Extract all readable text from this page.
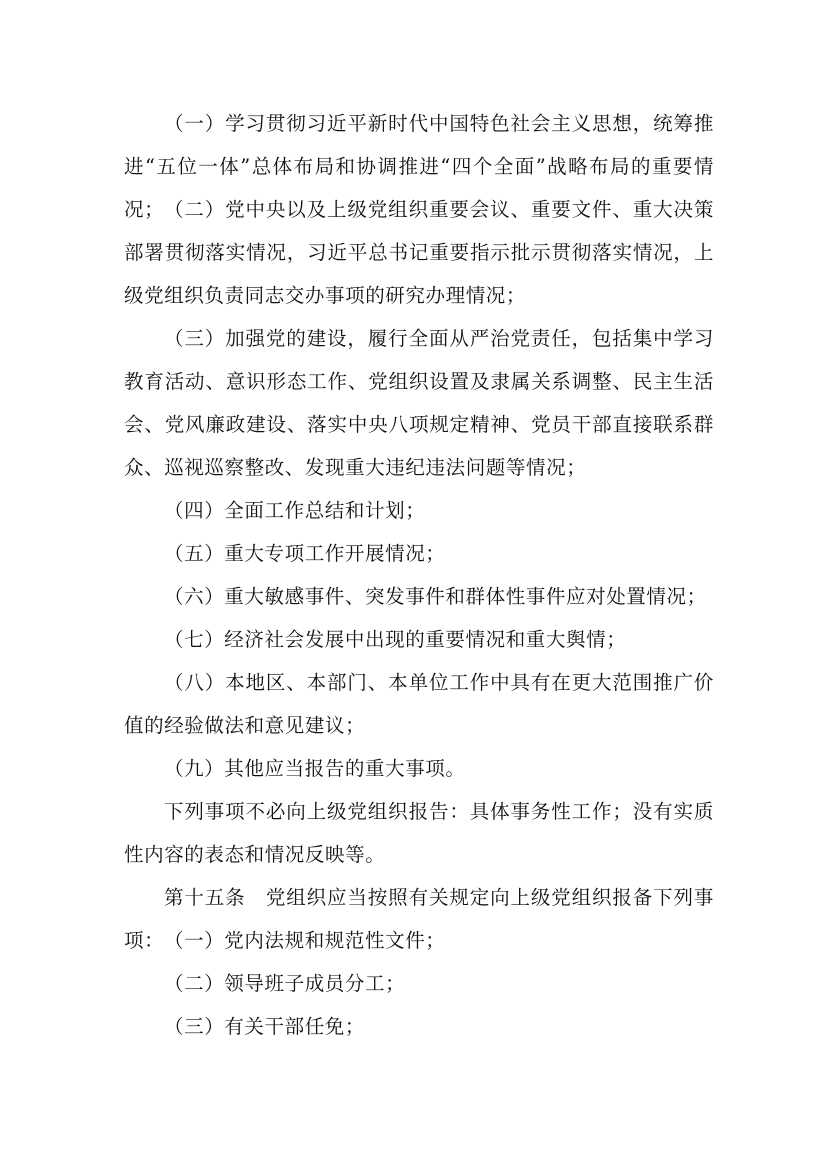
（一）学习贯彻习近平新时代中国特色社会主义思想，统筹推进“五位一体”总体布局和协调推进“四个全面”战略布局的重要情况； （二）党中央以及上级党组织重要会议、重要文件、重大决策部署贯彻落实情况，习近平总书记重要指示批示贯彻落实情况，上级党组织负责同志交办事项的研究办理情况；

（三）加强党的建设，履行全面从严治党责任，包括集中学习教育活动、意识形态工作、党组织设置及隶属关系调整、民主生活会、党风廉政建设、落实中央八项规定精神、党员干部直接联系群众、巡视巡察整改、发现重大违纪违法问题等情况；

（四）全面工作总结和计划；

（五）重大专项工作开展情况；

（六）重大敏感事件、突发事件和群体性事件应对处置情况；

（七）经济社会发展中出现的重要情况和重大舆情；

（八）本地区、本部门、本单位工作中具有在更大范围推广价值的经验做法和意见建议；

（九）其他应当报告的重大事项。

下列事项不必向上级党组织报告：具体事务性工作；没有实质性内容的表态和情况反映等。

第十五条　党组织应当按照有关规定向上级党组织报备下列事项： （一）党内法规和规范性文件；

（二）领导班子成员分工；

（三）有关干部任免；
